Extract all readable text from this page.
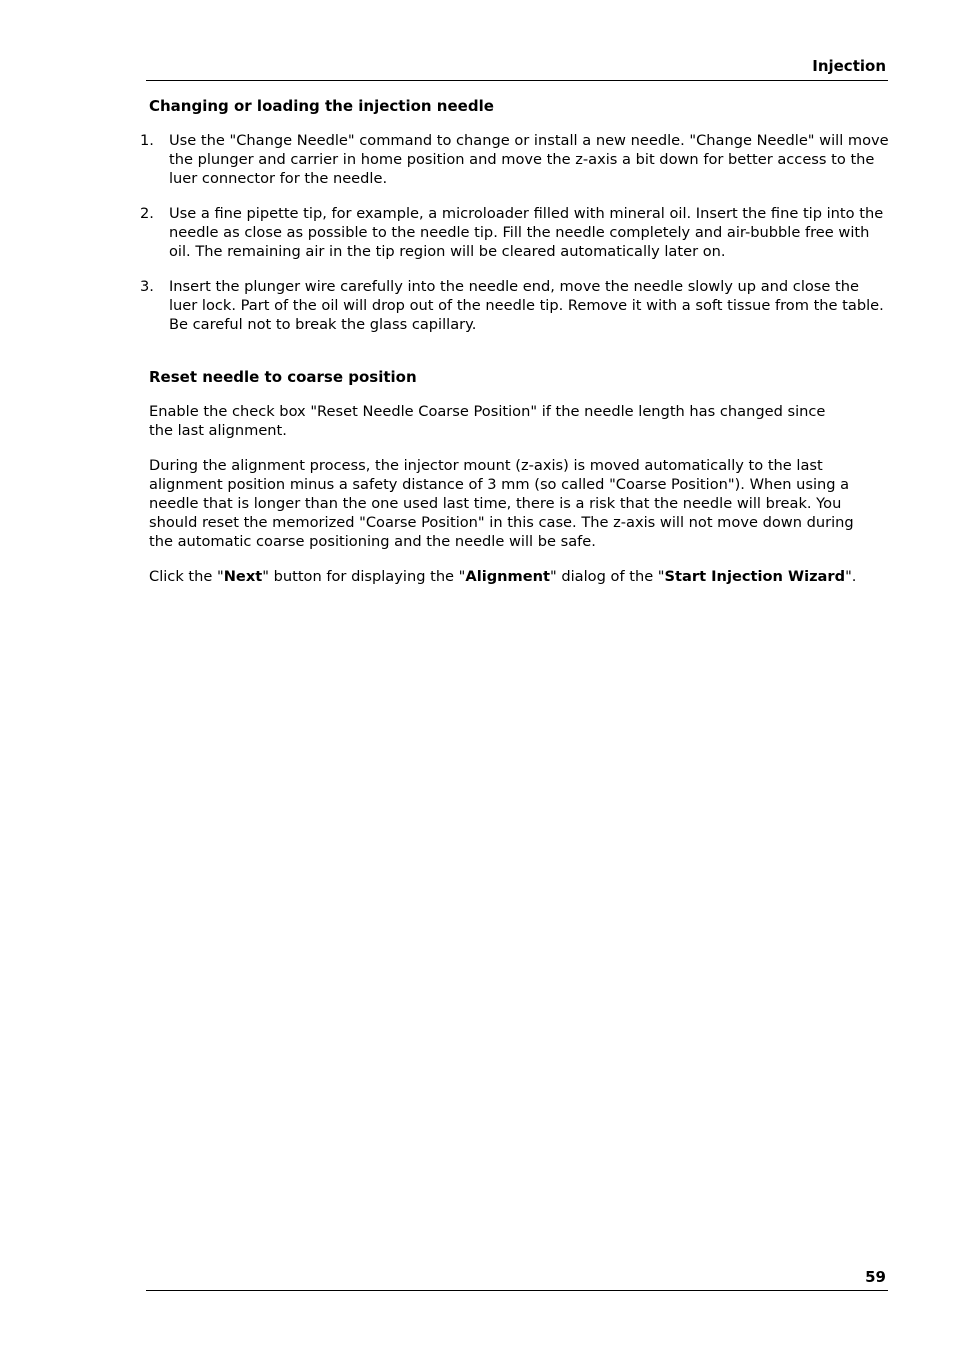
Injection
Changing or loading the injection needle
1. Use the "Change Needle" command to change or install a new needle. "Change Needle" will move the plunger and carrier in home position and move the z-axis a bit down for better access to the luer connector for the needle.
2. Use a fine pipette tip, for example, a microloader filled with mineral oil. Insert the fine tip into the needle as close as possible to the needle tip. Fill the needle completely and air-bubble free with oil. The remaining air in the tip region will be cleared automatically later on.
3. Insert the plunger wire carefully into the needle end, move the needle slowly up and close the luer lock. Part of the oil will drop out of the needle tip. Remove it with a soft tissue from the table. Be careful not to break the glass capillary.
Reset needle to coarse position

Enable the check box "Reset Needle Coarse Position" if the needle length has changed since the last alignment.

During the alignment process, the injector mount (z-axis) is moved automatically to the last alignment position minus a safety distance of 3 mm (so called "Coarse Position"). When using a needle that is longer than the one used last time, there is a risk that the needle will break. You should reset the memorized "Coarse Position" in this case. The z-axis will not move down during the automatic coarse positioning and the needle will be safe.

Click the "Next" button for displaying the "Alignment" dialog of the "Start Injection Wizard".

59
